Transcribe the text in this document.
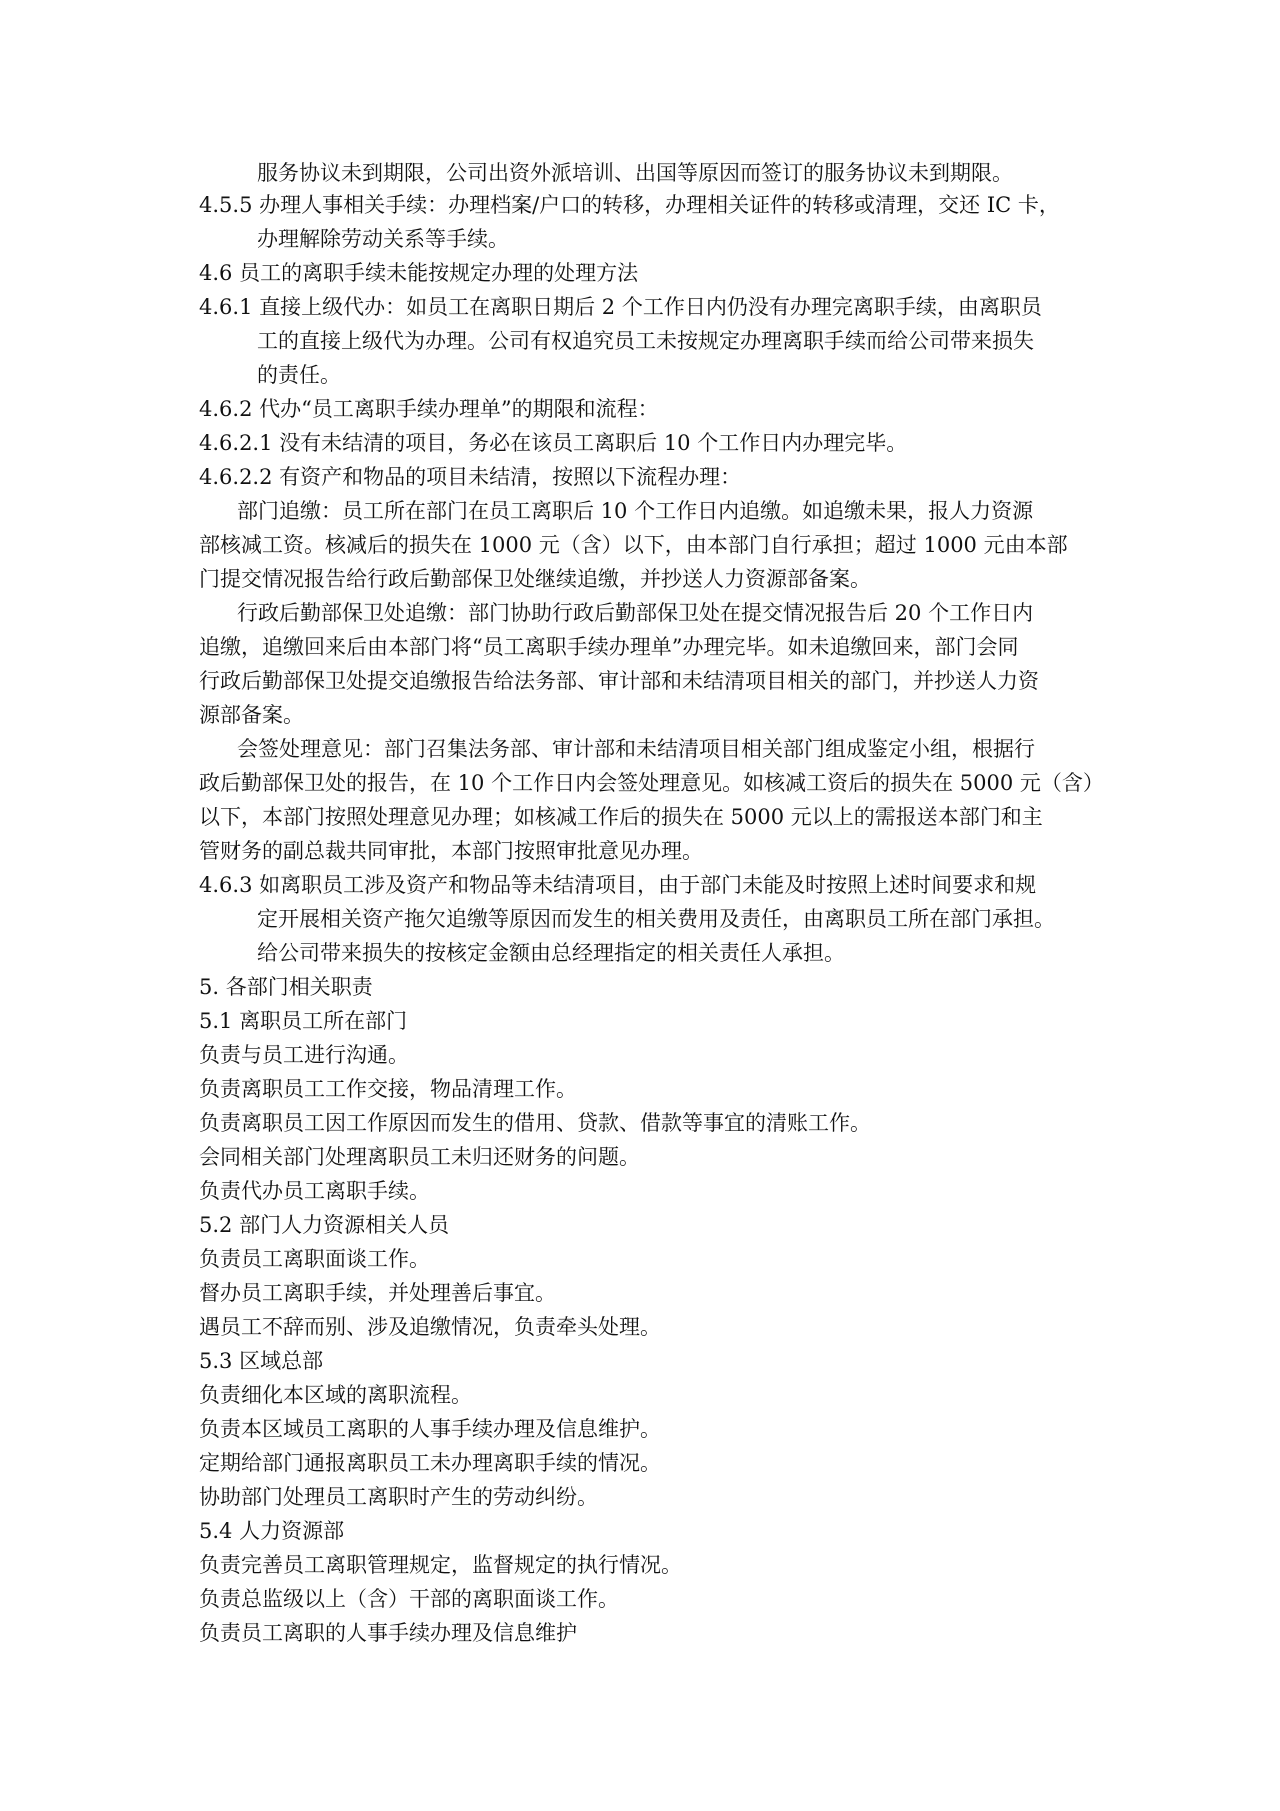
服务协议未到期限，公司出资外派培训、出国等原因而签订的服务协议未到期限。
4.5.5 办理人事相关手续：办理档案/户口的转移，办理相关证件的转移或清理，交还 IC 卡，
办理解除劳动关系等手续。
4.6 员工的离职手续未能按规定办理的处理方法
4.6.1 直接上级代办：如员工在离职日期后 2 个工作日内仍没有办理完离职手续，由离职员
工的直接上级代为办理。公司有权追究员工未按规定办理离职手续而给公司带来损失
的责任。
4.6.2 代办“员工离职手续办理单”的期限和流程：
4.6.2.1 没有未结清的项目，务必在该员工离职后 10 个工作日内办理完毕。
4.6.2.2 有资产和物品的项目未结清，按照以下流程办理：
部门追缴：员工所在部门在员工离职后 10 个工作日内追缴。如追缴未果，报人力资源
部核减工资。核减后的损失在 1000 元（含）以下，由本部门自行承担；超过 1000 元由本部
门提交情况报告给行政后勤部保卫处继续追缴，并抄送人力资源部备案。
行政后勤部保卫处追缴：部门协助行政后勤部保卫处在提交情况报告后 20 个工作日内
追缴，追缴回来后由本部门将“员工离职手续办理单”办理完毕。如未追缴回来，部门会同
行政后勤部保卫处提交追缴报告给法务部、审计部和未结清项目相关的部门，并抄送人力资
源部备案。
会签处理意见：部门召集法务部、审计部和未结清项目相关部门组成鉴定小组，根据行
政后勤部保卫处的报告，在 10 个工作日内会签处理意见。如核减工资后的损失在 5000 元（含）
以下，本部门按照处理意见办理；如核减工作后的损失在 5000 元以上的需报送本部门和主
管财务的副总裁共同审批，本部门按照审批意见办理。
4.6.3 如离职员工涉及资产和物品等未结清项目，由于部门未能及时按照上述时间要求和规
定开展相关资产拖欠追缴等原因而发生的相关费用及责任，由离职员工所在部门承担。
给公司带来损失的按核定金额由总经理指定的相关责任人承担。
5. 各部门相关职责
5.1 离职员工所在部门
负责与员工进行沟通。
负责离职员工工作交接，物品清理工作。
负责离职员工因工作原因而发生的借用、贷款、借款等事宜的清账工作。
会同相关部门处理离职员工未归还财务的问题。
负责代办员工离职手续。
5.2 部门人力资源相关人员
负责员工离职面谈工作。
督办员工离职手续，并处理善后事宜。
遇员工不辞而别、涉及追缴情况，负责牵头处理。
5.3 区域总部
负责细化本区域的离职流程。
负责本区域员工离职的人事手续办理及信息维护。
定期给部门通报离职员工未办理离职手续的情况。
协助部门处理员工离职时产生的劳动纠纷。
5.4 人力资源部
负责完善员工离职管理规定，监督规定的执行情况。
负责总监级以上（含）干部的离职面谈工作。
负责员工离职的人事手续办理及信息维护
